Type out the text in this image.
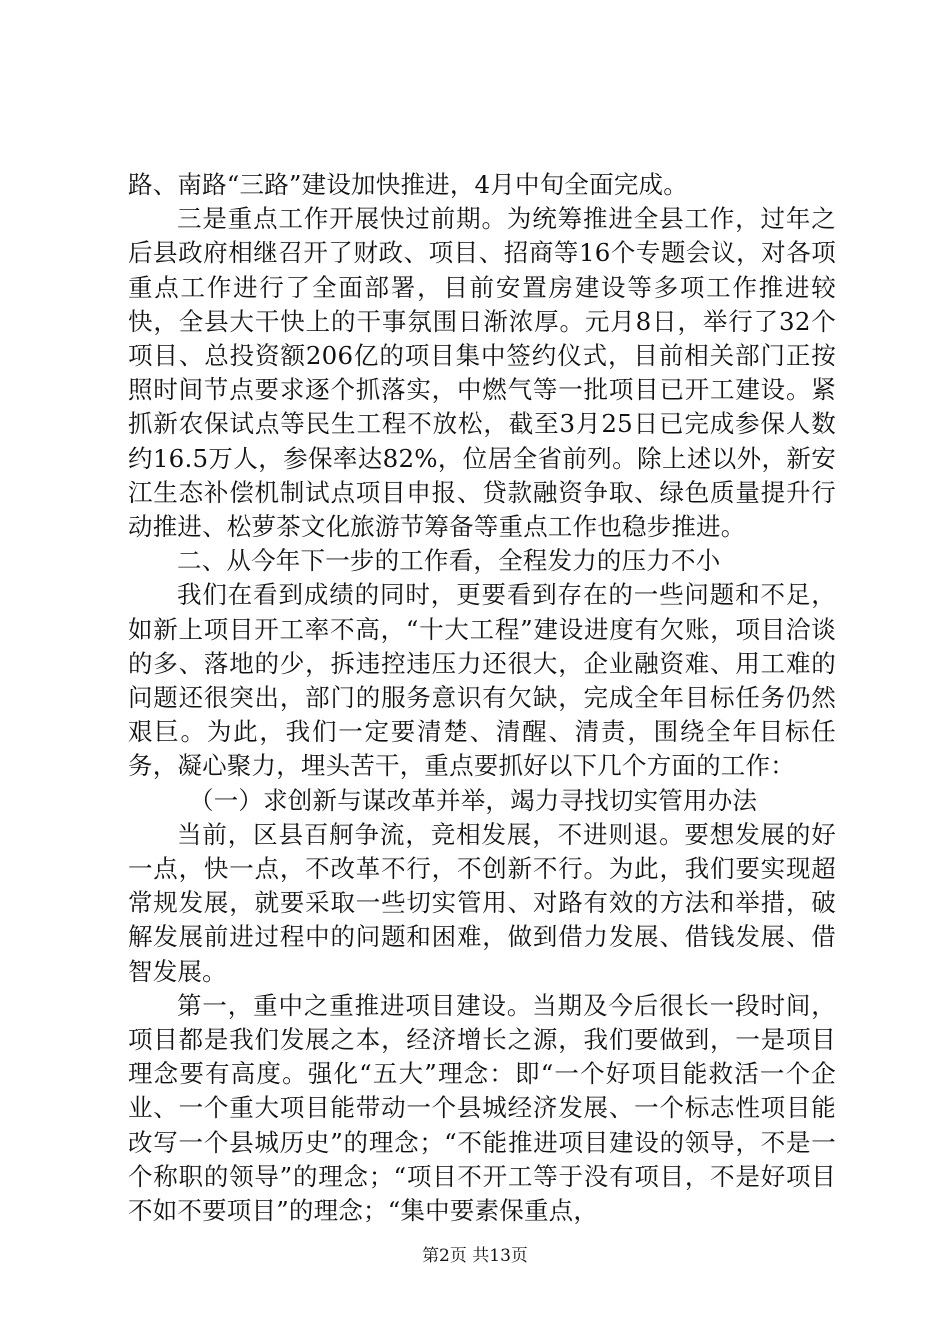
路、南路“三路”建设加快推进，4月中旬全面完成。

三是重点工作开展快过前期。为统筹推进全县工作，过年之后县政府相继召开了财政、项目、招商等16个专题会议，对各项重点工作进行了全面部署，目前安置房建设等多项工作推进较快，全县大干快上的干事氛围日渐浓厚。元月8日，举行了32个项目、总投资额206亿的项目集中签约仪式，目前相关部门正按照时间节点要求逐个抓落实，中燃气等一批项目已开工建设。紧抓新农保试点等民生工程不放松，截至3月25日已完成参保人数约16.5万人，参保率达82%，位居全省前列。除上述以外，新安江生态补偿机制试点项目申报、贷款融资争取、绿色质量提升行动推进、松萝茶文化旅游节筹备等重点工作也稳步推进。

二、从今年下一步的工作看，全程发力的压力不小

我们在看到成绩的同时，更要看到存在的一些问题和不足，如新上项目开工率不高，“十大工程”建设进度有欠账，项目洽谈的多、落地的少，拆违控违压力还很大，企业融资难、用工难的问题还很突出，部门的服务意识有欠缺，完成全年目标任务仍然艰巨。为此，我们一定要清楚、清醒、清责，围绕全年目标任务，凝心聚力，埋头苦干，重点要抓好以下几个方面的工作：

（一）求创新与谋改革并举，竭力寻找切实管用办法

当前，区县百舸争流，竞相发展，不进则退。要想发展的好一点，快一点，不改革不行，不创新不行。为此，我们要实现超常规发展，就要采取一些切实管用、对路有效的方法和举措，破解发展前进过程中的问题和困难，做到借力发展、借钱发展、借智发展。

第一，重中之重推进项目建设。当期及今后很长一段时间，项目都是我们发展之本，经济增长之源，我们要做到，一是项目理念要有高度。强化“五大”理念：即“一个好项目能救活一个企业、一个重大项目能带动一个县城经济发展、一个标志性项目能改写一个县城历史”的理念；“不能推进项目建设的领导，不是一个称职的领导”的理念；“项目不开工等于没有项目，不是好项目不如不要项目”的理念；“集中要素保重点，

第2页 共13页
